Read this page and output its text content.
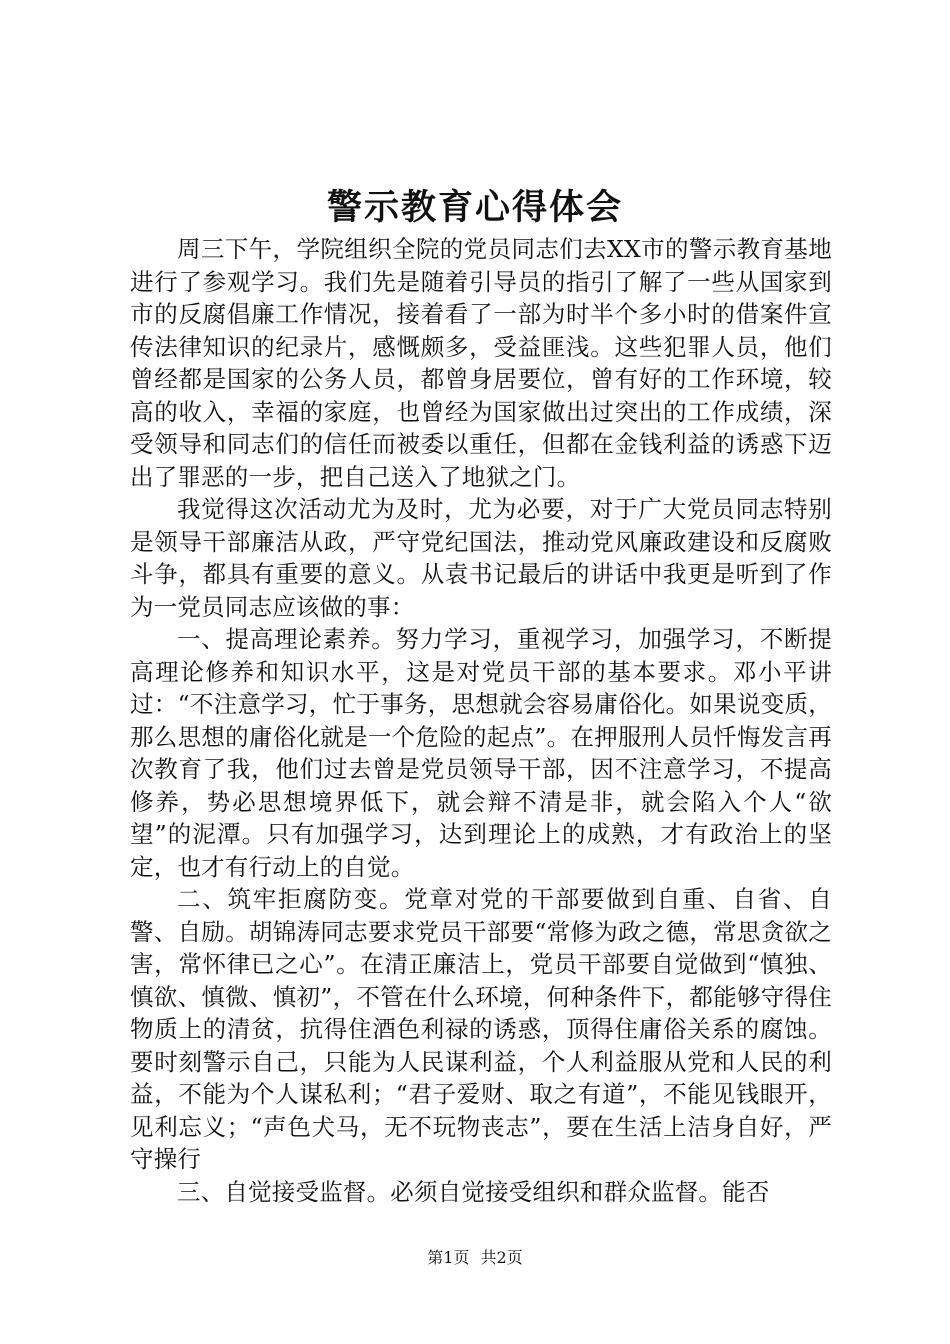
警示教育心得体会

周三下午，学院组织全院的党员同志们去XX市的警示教育基地进行了参观学习。我们先是随着引导员的指引了解了一些从国家到市的反腐倡廉工作情况，接着看了一部为时半个多小时的借案件宣传法律知识的纪录片，感慨颇多，受益匪浅。这些犯罪人员，他们曾经都是国家的公务人员，都曾身居要位，曾有好的工作环境，较高的收入，幸福的家庭，也曾经为国家做出过突出的工作成绩，深受领导和同志们的信任而被委以重任，但都在金钱利益的诱惑下迈出了罪恶的一步，把自己送入了地狱之门。

我觉得这次活动尤为及时，尤为必要，对于广大党员同志特别是领导干部廉洁从政，严守党纪国法，推动党风廉政建设和反腐败斗争，都具有重要的意义。从袁书记最后的讲话中我更是听到了作为一党员同志应该做的事：

一、提高理论素养。努力学习，重视学习，加强学习，不断提高理论修养和知识水平，这是对党员干部的基本要求。邓小平讲过：“不注意学习，忙于事务，思想就会容易庸俗化。如果说变质，那么思想的庸俗化就是一个危险的起点”。在押服刑人员忏悔发言再次教育了我，他们过去曾是党员领导干部，因不注意学习，不提高修养，势必思想境界低下，就会辩不清是非，就会陷入个人“欲望”的泥潭。只有加强学习，达到理论上的成熟，才有政治上的坚定，也才有行动上的自觉。

二、筑牢拒腐防变。党章对党的干部要做到自重、自省、自警、自励。胡锦涛同志要求党员干部要“常修为政之德，常思贪欲之害，常怀律已之心”。在清正廉洁上，党员干部要自觉做到“慎独、慎欲、慎微、慎初”，不管在什么环境，何种条件下，都能够守得住物质上的清贫，抗得住酒色利禄的诱惑，顶得住庸俗关系的腐蚀。要时刻警示自己，只能为人民谋利益，个人利益服从党和人民的利益，不能为个人谋私利；“君子爱财、取之有道”，不能见钱眼开，见利忘义；“声色犬马，无不玩物丧志”，要在生活上洁身自好，严守操行

三、自觉接受监督。必须自觉接受组织和群众监督。能否

第1页 共2页
